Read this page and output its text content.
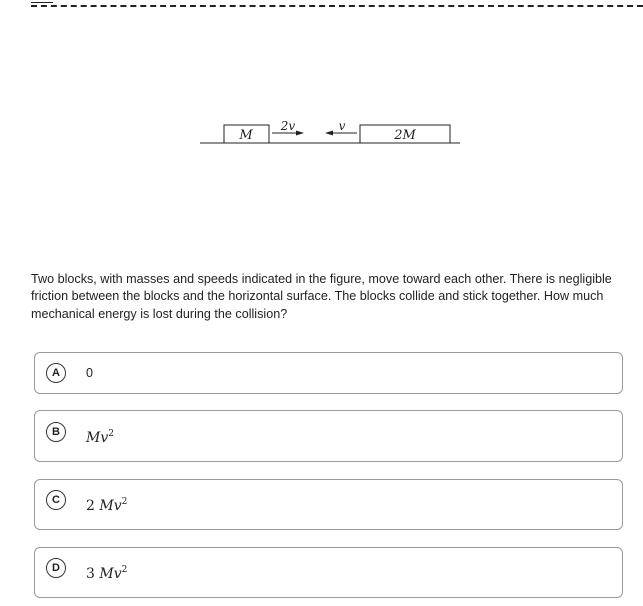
M	2M
2v	v
Two blocks, with masses and speeds indicated in the figure, move toward each other. There is negligible friction between the blocks and the horizontal surface. The blocks collide and stick together. How much mechanical energy is lost during the collision?
A	0
B	Mv$^2$
C	2 Mv$^2$
D	3 Mv$^2$
